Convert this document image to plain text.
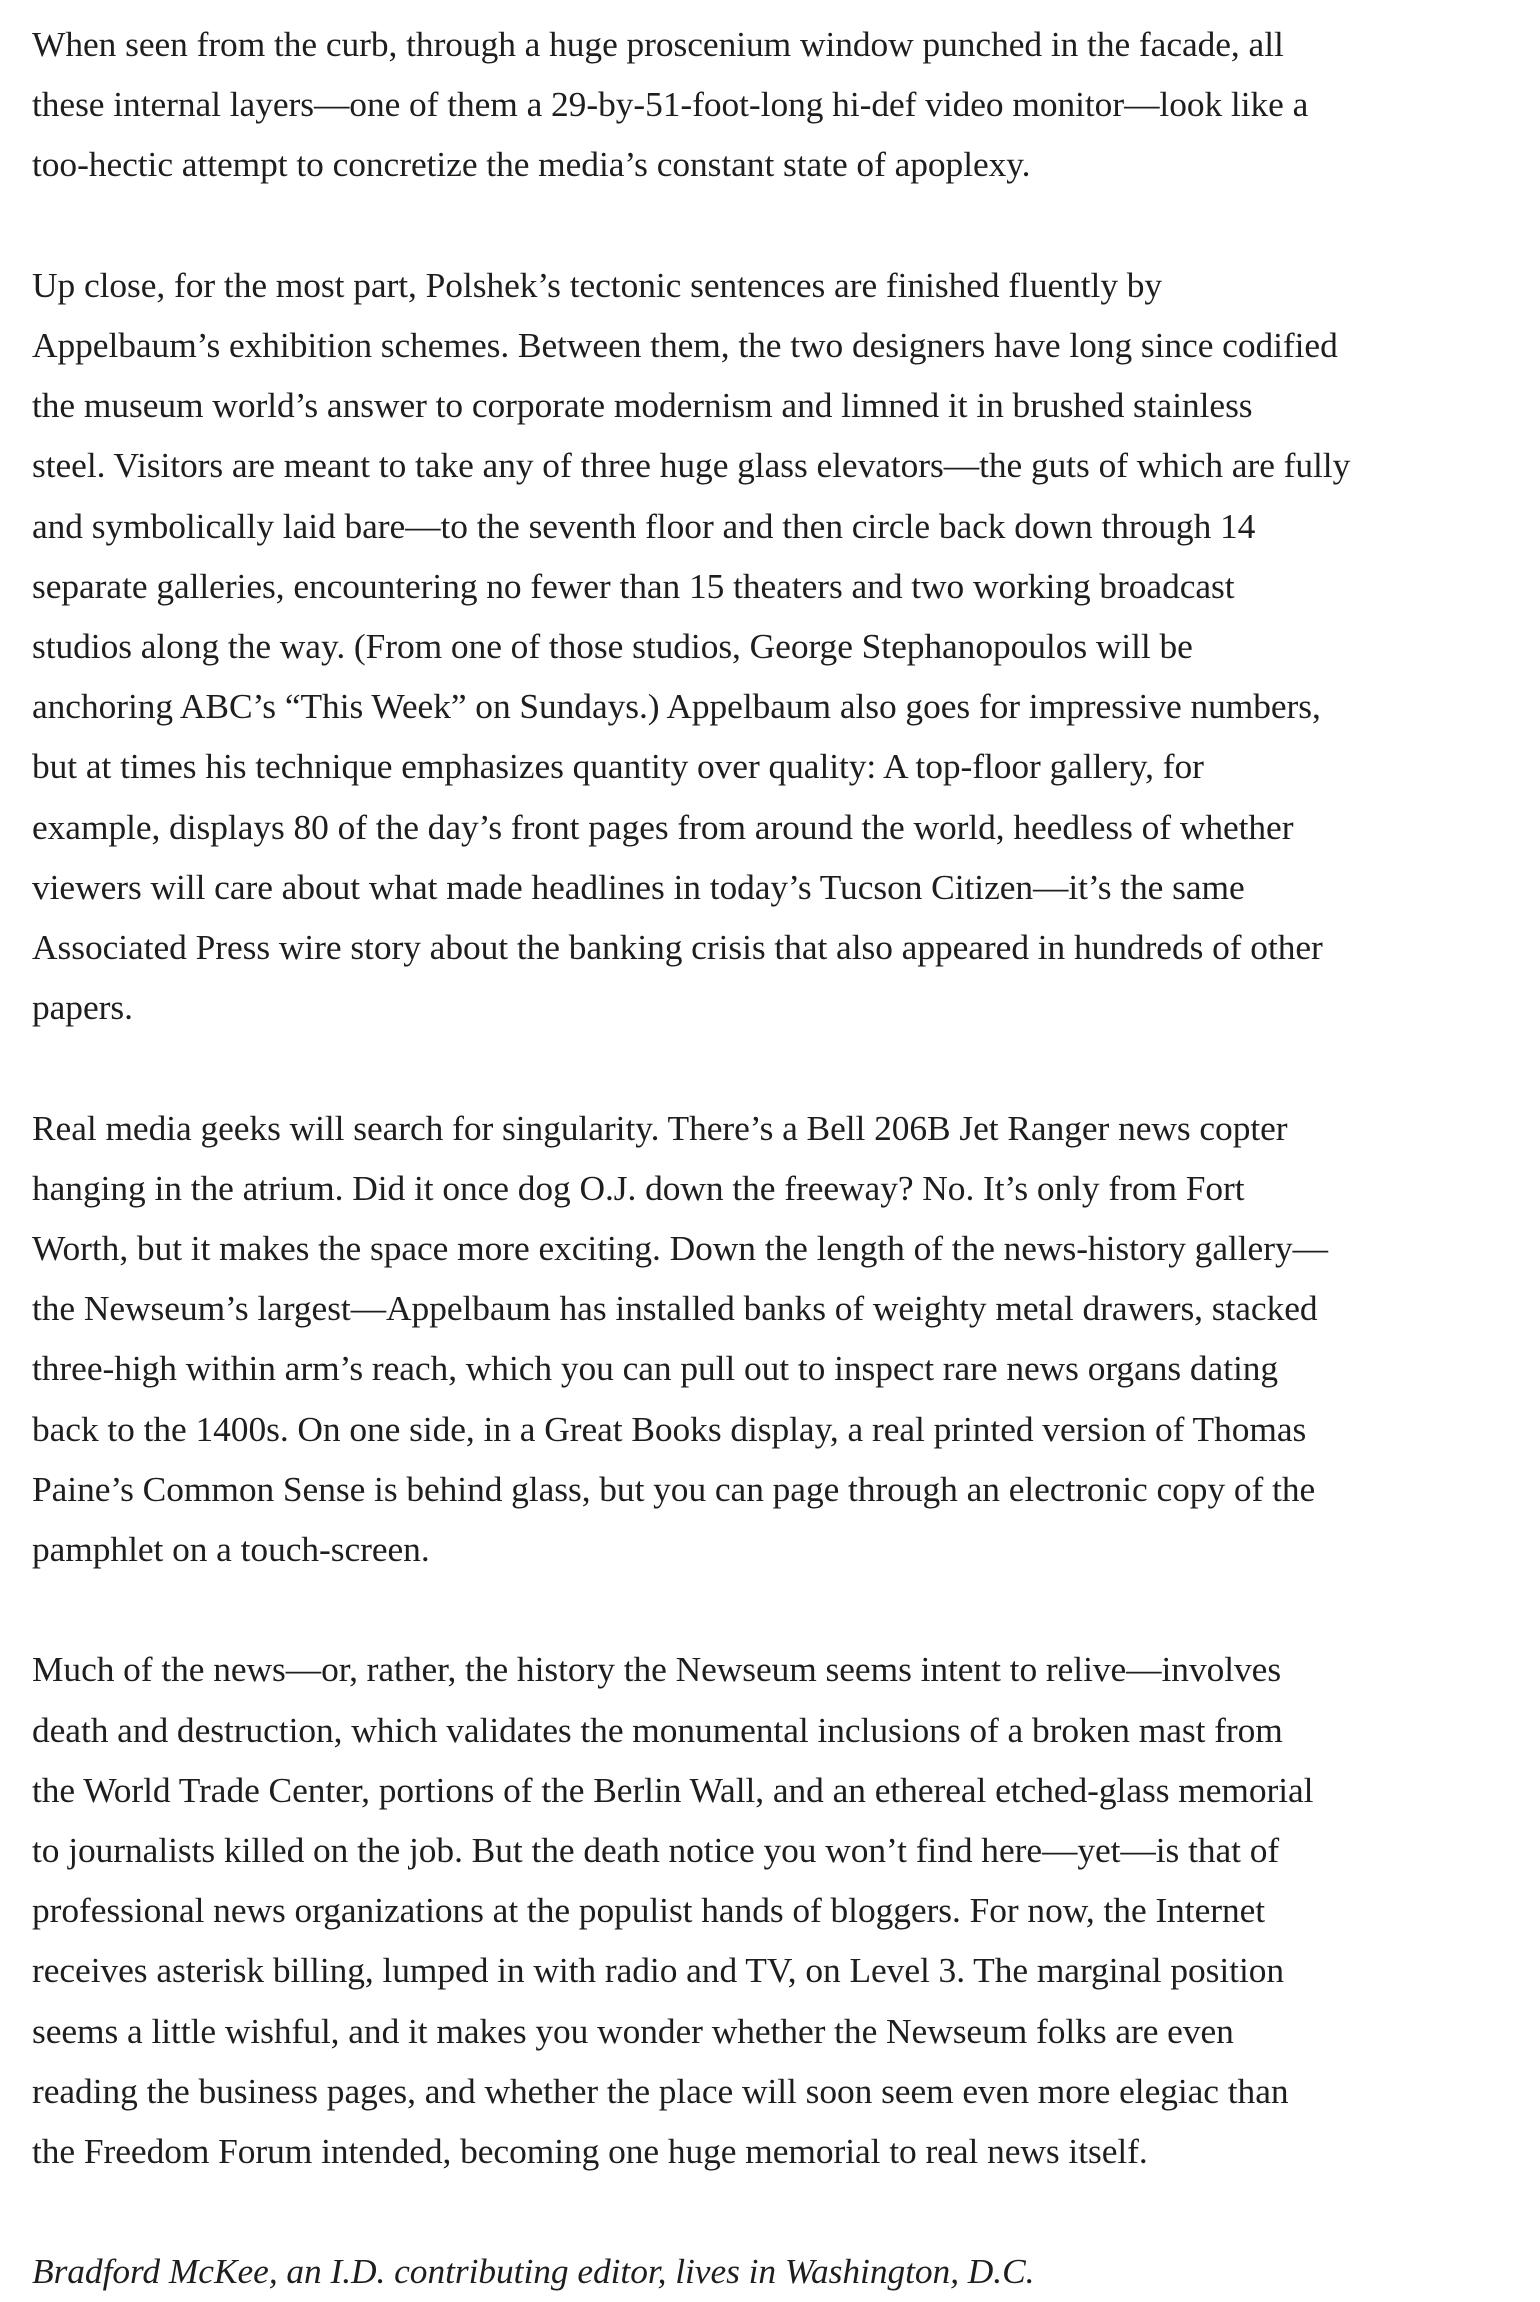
When seen from the curb, through a huge proscenium window punched in the facade, all
these internal layers—one of them a 29-by-51-foot-long hi-def video monitor—look like a
too-hectic attempt to concretize the media’s constant state of apoplexy.

Up close, for the most part, Polshek’s tectonic sentences are finished fluently by
Appelbaum’s exhibition schemes. Between them, the two designers have long since codified
the museum world’s answer to corporate modernism and limned it in brushed stainless
steel. Visitors are meant to take any of three huge glass elevators—the guts of which are fully
and symbolically laid bare—to the seventh floor and then circle back down through 14
separate galleries, encountering no fewer than 15 theaters and two working broadcast
studios along the way. (From one of those studios, George Stephanopoulos will be
anchoring ABC’s “This Week” on Sundays.) Appelbaum also goes for impressive numbers,
but at times his technique emphasizes quantity over quality: A top-floor gallery, for
example, displays 80 of the day’s front pages from around the world, heedless of whether
viewers will care about what made headlines in today’s Tucson Citizen—it’s the same
Associated Press wire story about the banking crisis that also appeared in hundreds of other
papers.

Real media geeks will search for singularity. There’s a Bell 206B Jet Ranger news copter
hanging in the atrium. Did it once dog O.J. down the freeway? No. It’s only from Fort
Worth, but it makes the space more exciting. Down the length of the news-history gallery—
the Newseum’s largest—Appelbaum has installed banks of weighty metal drawers, stacked
three-high within arm’s reach, which you can pull out to inspect rare news organs dating
back to the 1400s. On one side, in a Great Books display, a real printed version of Thomas
Paine’s Common Sense is behind glass, but you can page through an electronic copy of the
pamphlet on a touch-screen.

Much of the news—or, rather, the history the Newseum seems intent to relive—involves
death and destruction, which validates the monumental inclusions of a broken mast from
the World Trade Center, portions of the Berlin Wall, and an ethereal etched-glass memorial
to journalists killed on the job. But the death notice you won’t find here—yet—is that of
professional news organizations at the populist hands of bloggers. For now, the Internet
receives asterisk billing, lumped in with radio and TV, on Level 3. The marginal position
seems a little wishful, and it makes you wonder whether the Newseum folks are even
reading the business pages, and whether the place will soon seem even more elegiac than
the Freedom Forum intended, becoming one huge memorial to real news itself.

Bradford McKee, an I.D. contributing editor, lives in Washington, D.C.
